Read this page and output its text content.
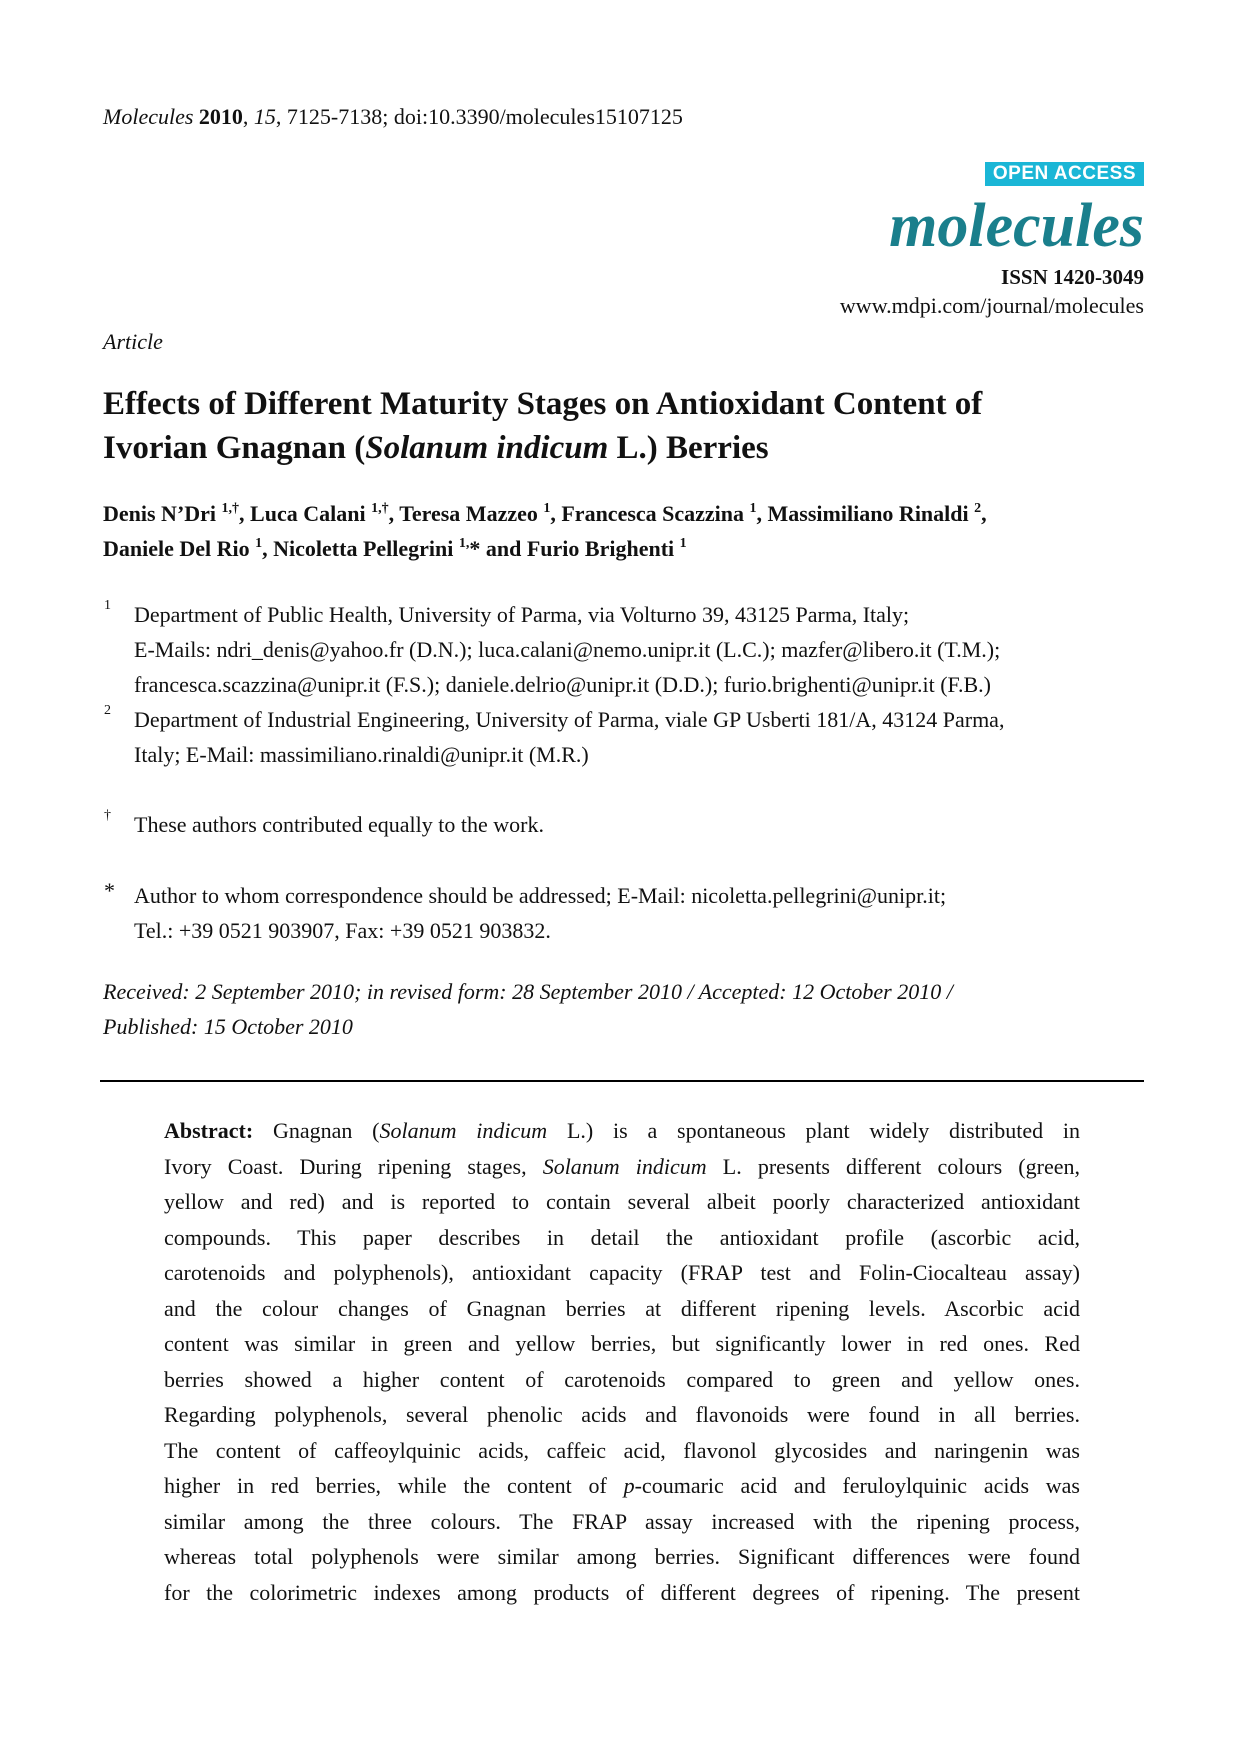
Molecules 2010, 15, 7125-7138; doi:10.3390/molecules15107125
OPEN ACCESS
molecules
ISSN 1420-3049
www.mdpi.com/journal/molecules
Article
Effects of Different Maturity Stages on Antioxidant Content of
Ivorian Gnagnan (Solanum indicum L.) Berries
Denis N’Dri $^{1,\dagger}$, Luca Calani $^{1,\dagger}$, Teresa Mazzeo $^1$, Francesca Scazzina $^1$, Massimiliano Rinaldi $^2$,
Daniele Del Rio $^1$, Nicoletta Pellegrini $^{1,}$* and Furio Brighenti $^1$
1 Department of Public Health, University of Parma, via Volturno 39, 43125 Parma, Italy;
E-Mails: ndri_denis@yahoo.fr (D.N.); luca.calani@nemo.unipr.it (L.C.); mazfer@libero.it (T.M.);
francesca.scazzina@unipr.it (F.S.); daniele.delrio@unipr.it (D.D.); furio.brighenti@unipr.it (F.B.)
2 Department of Industrial Engineering, University of Parma, viale GP Usberti 181/A, 43124 Parma,
Italy; E-Mail: massimiliano.rinaldi@unipr.it (M.R.)
† These authors contributed equally to the work.
* Author to whom correspondence should be addressed; E-Mail: nicoletta.pellegrini@unipr.it;
Tel.: +39 0521 903907, Fax: +39 0521 903832.
Received: 2 September 2010; in revised form: 28 September 2010 / Accepted: 12 October 2010 /
Published: 15 October 2010
Abstract: Gnagnan (Solanum indicum L.) is a spontaneous plant widely distributed in
Ivory Coast. During ripening stages, Solanum indicum L. presents different colours (green,
yellow and red) and is reported to contain several albeit poorly characterized antioxidant
compounds. This paper describes in detail the antioxidant profile (ascorbic acid,
carotenoids and polyphenols), antioxidant capacity (FRAP test and Folin-Ciocalteau assay)
and the colour changes of Gnagnan berries at different ripening levels. Ascorbic acid
content was similar in green and yellow berries, but significantly lower in red ones. Red
berries showed a higher content of carotenoids compared to green and yellow ones.
Regarding polyphenols, several phenolic acids and flavonoids were found in all berries.
The content of caffeoylquinic acids, caffeic acid, flavonol glycosides and naringenin was
higher in red berries, while the content of p-coumaric acid and feruloylquinic acids was
similar among the three colours. The FRAP assay increased with the ripening process,
whereas total polyphenols were similar among berries. Significant differences were found
for the colorimetric indexes among products of different degrees of ripening. The present
